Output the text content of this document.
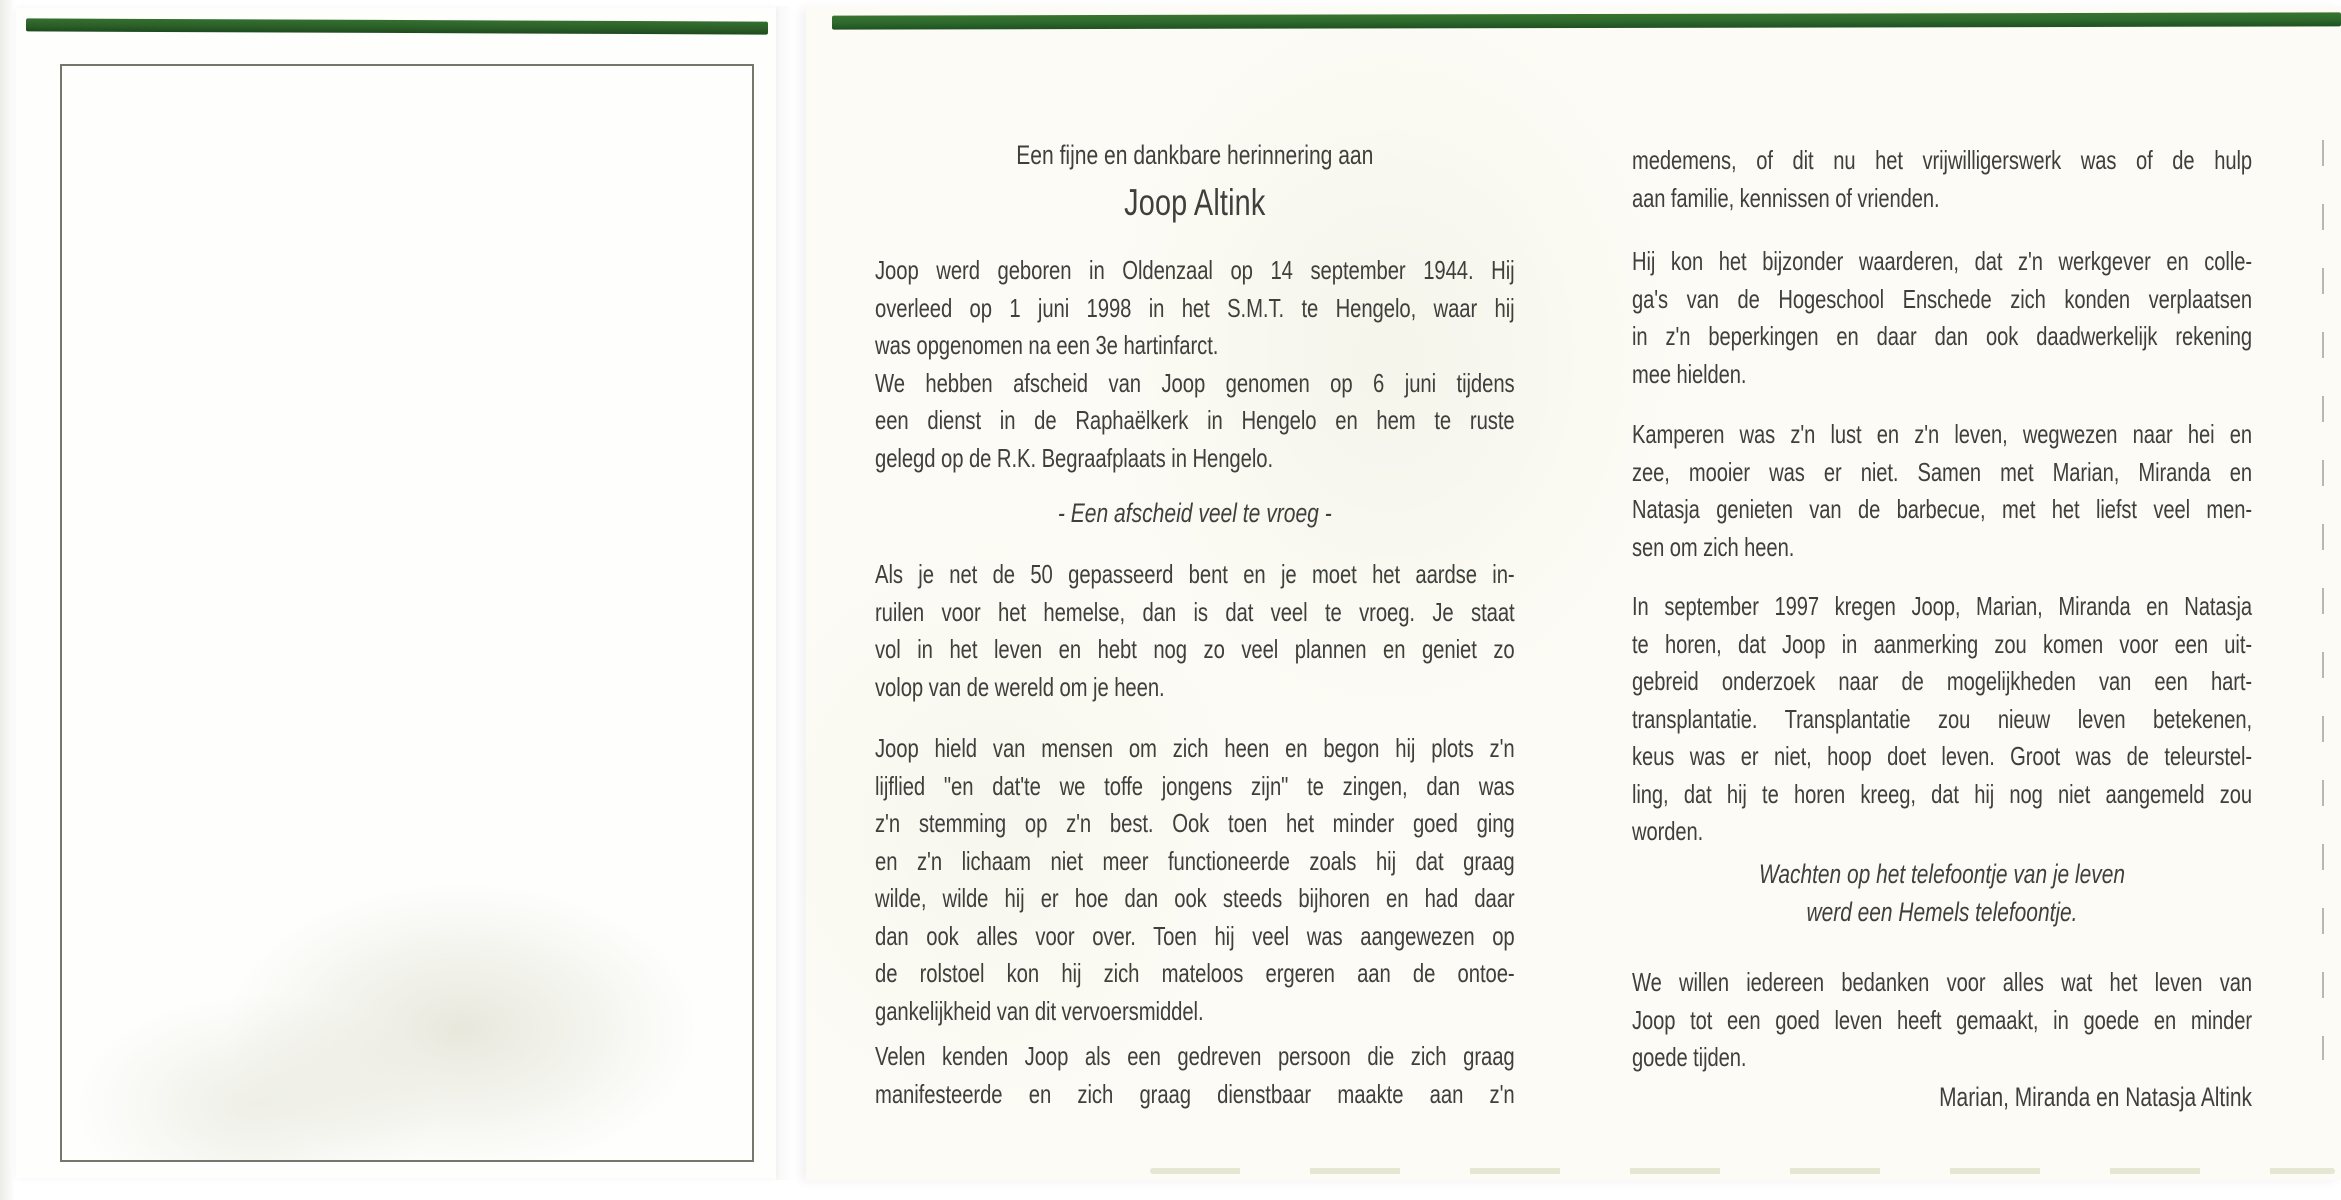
Een fijne en dankbare herinnering aan
Joop Altink
Joop werd geboren in Oldenzaal op 14 september 1944. Hij
overleed op 1 juni 1998 in het S.M.T. te Hengelo, waar hij
was opgenomen na een 3e hartinfarct.
We hebben afscheid van Joop genomen op 6 juni tijdens
een dienst in de Raphaëlkerk in Hengelo en hem te ruste
gelegd op de R.K. Begraafplaats in Hengelo.
- Een afscheid veel te vroeg -
Als je net de 50 gepasseerd bent en je moet het aardse in-
ruilen voor het hemelse, dan is dat veel te vroeg. Je staat
vol in het leven en hebt nog zo veel plannen en geniet zo
volop van de wereld om je heen.
Joop hield van mensen om zich heen en begon hij plots z'n
lijflied "en dat'te we toffe jongens zijn" te zingen, dan was
z'n stemming op z'n best. Ook toen het minder goed ging
en z'n lichaam niet meer functioneerde zoals hij dat graag
wilde, wilde hij er hoe dan ook steeds bijhoren en had daar
dan ook alles voor over. Toen hij veel was aangewezen op
de rolstoel kon hij zich mateloos ergeren aan de ontoe-
gankelijkheid van dit vervoersmiddel.
Velen kenden Joop als een gedreven persoon die zich graag
manifesteerde en zich graag dienstbaar maakte aan z'n
medemens, of dit nu het vrijwilligerswerk was of de hulp
aan familie, kennissen of vrienden.
Hij kon het bijzonder waarderen, dat z'n werkgever en colle-
ga's van de Hogeschool Enschede zich konden verplaatsen
in z'n beperkingen en daar dan ook daadwerkelijk rekening
mee hielden.
Kamperen was z'n lust en z'n leven, wegwezen naar hei en
zee, mooier was er niet. Samen met Marian, Miranda en
Natasja genieten van de barbecue, met het liefst veel men-
sen om zich heen.
In september 1997 kregen Joop, Marian, Miranda en Natasja
te horen, dat Joop in aanmerking zou komen voor een uit-
gebreid onderzoek naar de mogelijkheden van een hart-
transplantatie. Transplantatie zou nieuw leven betekenen,
keus was er niet, hoop doet leven. Groot was de teleurstel-
ling, dat hij te horen kreeg, dat hij nog niet aangemeld zou
worden.
Wachten op het telefoontje van je leven
werd een Hemels telefoontje.
We willen iedereen bedanken voor alles wat het leven van
Joop tot een goed leven heeft gemaakt, in goede en minder
goede tijden.
Marian, Miranda en Natasja Altink
